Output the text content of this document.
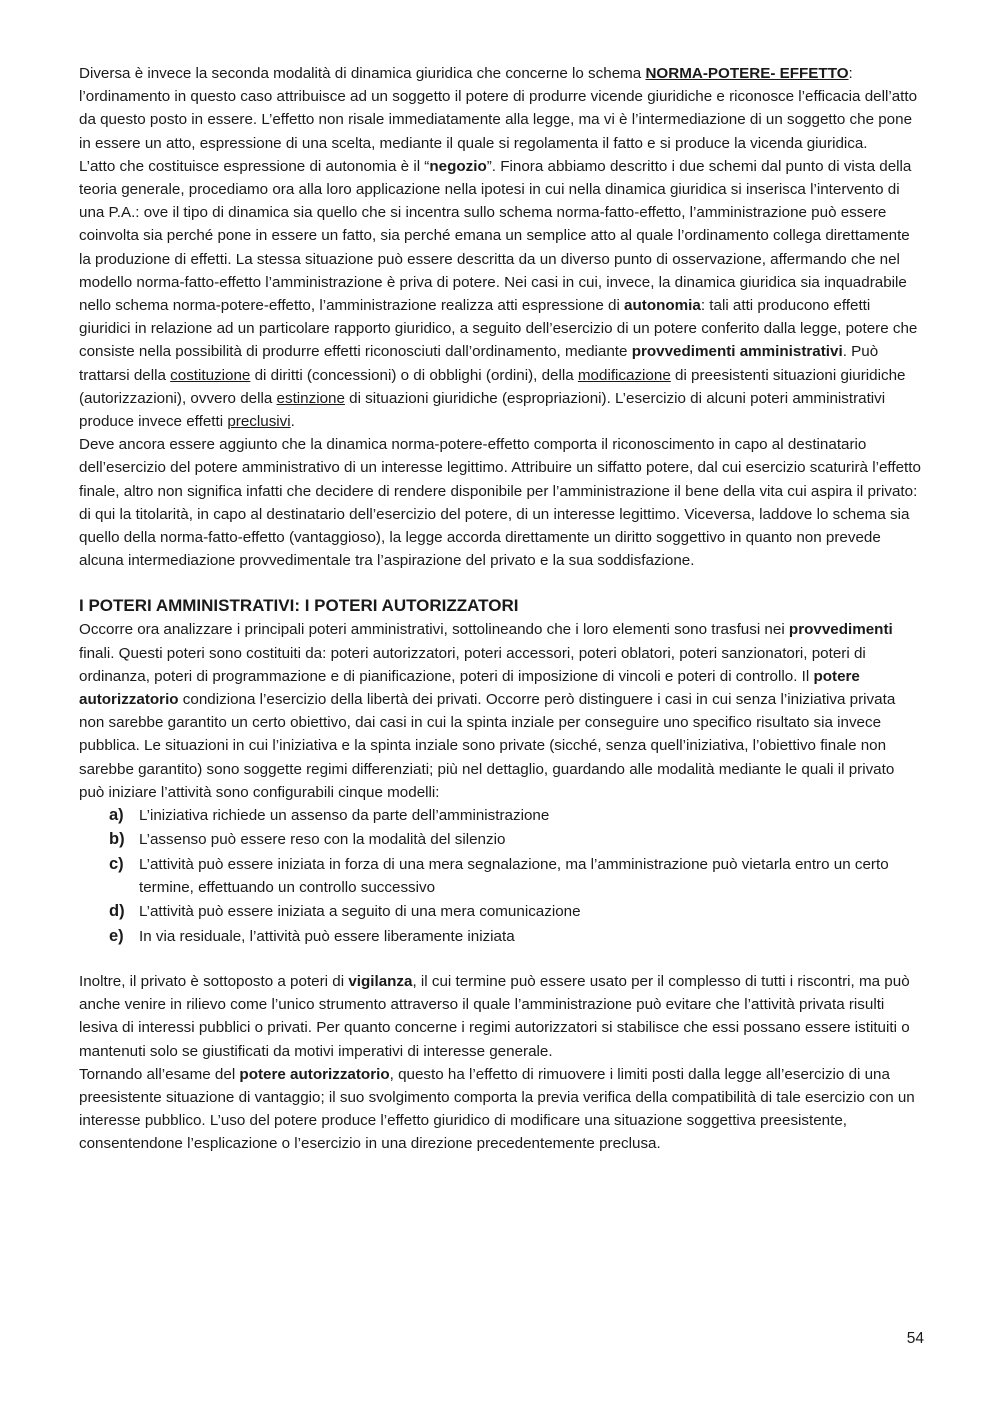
Diversa è invece la seconda modalità di dinamica giuridica che concerne lo schema NORMA-POTERE- EFFETTO: l’ordinamento in questo caso attribuisce ad un soggetto il potere di produrre vicende giuridiche e riconosce l’efficacia dell’atto da questo posto in essere. L’effetto non risale immediatamente alla legge, ma vi è l’intermediazione di un soggetto che pone in essere un atto, espressione di una scelta, mediante il quale si regolamenta il fatto e si produce la vicenda giuridica.

L’atto che costituisce espressione di autonomia è il “negozio”. Finora abbiamo descritto i due schemi dal punto di vista della teoria generale, procediamo ora alla loro applicazione nella ipotesi in cui nella dinamica giuridica si inserisca l’intervento di una P.A.: ove il tipo di dinamica sia quello che si incentra sullo schema norma-fatto-effetto, l’amministrazione può essere coinvolta sia perché pone in essere un fatto, sia perché emana un semplice atto al quale l’ordinamento collega direttamente la produzione di effetti. La stessa situazione può essere descritta da un diverso punto di osservazione, affermando che nel modello norma-fatto-effetto l’amministrazione è priva di potere. Nei casi in cui, invece, la dinamica giuridica sia inquadrabile nello schema norma-potere-effetto, l’amministrazione realizza atti espressione di autonomia: tali atti producono effetti giuridici in relazione ad un particolare rapporto giuridico, a seguito dell’esercizio di un potere conferito dalla legge, potere che consiste nella possibilità di produrre effetti riconosciuti dall’ordinamento, mediante provvedimenti amministrativi. Può trattarsi della costituzione di diritti (concessioni) o di obblighi (ordini), della modificazione di preesistenti situazioni giuridiche (autorizzazioni), ovvero della estinzione di situazioni giuridiche (espropriazioni). L’esercizio di alcuni poteri amministrativi produce invece effetti preclusivi.

Deve ancora essere aggiunto che la dinamica norma-potere-effetto comporta il riconoscimento in capo al destinatario dell’esercizio del potere amministrativo di un interesse legittimo. Attribuire un siffatto potere, dal cui esercizio scaturirà l’effetto finale, altro non significa infatti che decidere di rendere disponibile per l’amministrazione il bene della vita cui aspira il privato: di qui la titolarità, in capo al destinatario dell’esercizio del potere, di un interesse legittimo. Viceversa, laddove lo schema sia quello della norma-fatto-effetto (vantaggioso), la legge accorda direttamente un diritto soggettivo in quanto non prevede alcuna intermediazione provvedimentale tra l’aspirazione del privato e la sua soddisfazione.

I POTERI AMMINISTRATIVI: I POTERI AUTORIZZATORI

Occorre ora analizzare i principali poteri amministrativi, sottolineando che i loro elementi sono trasfusi nei provvedimenti finali. Questi poteri sono costituiti da: poteri autorizzatori, poteri accessori, poteri oblatori, poteri sanzionatori, poteri di ordinanza, poteri di programmazione e di pianificazione, poteri di imposizione di vincoli e poteri di controllo. Il potere autorizzatorio condiziona l’esercizio della libertà dei privati. Occorre però distinguere i casi in cui senza l’iniziativa privata non sarebbe garantito un certo obiettivo, dai casi in cui la spinta inziale per conseguire uno specifico risultato sia invece pubblica. Le situazioni in cui l’iniziativa e la spinta inziale sono private (sicché, senza quell’iniziativa, l’obiettivo finale non sarebbe garantito) sono soggette regimi differenziati; più nel dettaglio, guardando alle modalità mediante le quali il privato può iniziare l’attività sono configurabili cinque modelli:

a) L’iniziativa richiede un assenso da parte dell’amministrazione
b) L’assenso può essere reso con la modalità del silenzio
c) L’attività può essere iniziata in forza di una mera segnalazione, ma l’amministrazione può vietarla entro un certo termine, effettuando un controllo successivo
d) L’attività può essere iniziata a seguito di una mera comunicazione
e) In via residuale, l’attività può essere liberamente iniziata

Inoltre, il privato è sottoposto a poteri di vigilanza, il cui termine può essere usato per il complesso di tutti i riscontri, ma può anche venire in rilievo come l’unico strumento attraverso il quale l’amministrazione può evitare che l’attività privata risulti lesiva di interessi pubblici o privati. Per quanto concerne i regimi autorizzatori si stabilisce che essi possano essere istituiti o mantenuti solo se giustificati da motivi imperativi di interesse generale.

Tornando all’esame del potere autorizzatorio, questo ha l’effetto di rimuovere i limiti posti dalla legge all’esercizio di una preesistente situazione di vantaggio; il suo svolgimento comporta la previa verifica della compatibilità di tale esercizio con un interesse pubblico. L’uso del potere produce l’effetto giuridico di modificare una situazione soggettiva preesistente, consentendone l’esplicazione o l’esercizio in una direzione precedentemente preclusa.

54
